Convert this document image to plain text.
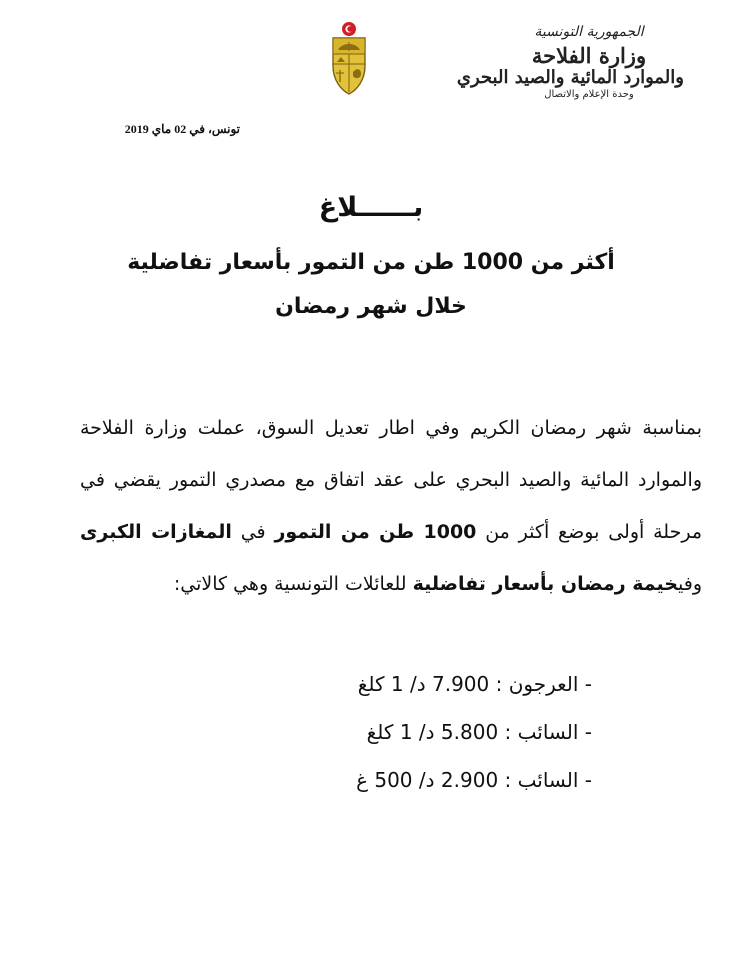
الجمهورية التونسية

وزارة الفلاحة

والموارد المائية والصيد البحري

وحدة الإعلام والاتصال

تونس، في 02 ماي 2019
بــــــلاغ
أكثر من 1000 طن من التمور بأسعار تفاضلية
خلال شهر رمضان

بمناسبة شهر رمضان الكريم وفي اطار تعديل السوق، عملت وزارة الفلاحة والموارد المائية والصيد البحري على عقد اتفاق مع مصدري التمور يقضي في مرحلة أولى بوضع أكثر من 1000 طن من التمور في المغازات الكبرى وفيخيمة رمضان بأسعار تفاضلية للعائلات التونسية وهي كالاتي:

- العرجون : 7.900 د/ 1 كلغ
- السائب : 5.800 د/ 1 كلغ
- السائب : 2.900 د/ 500 غ
